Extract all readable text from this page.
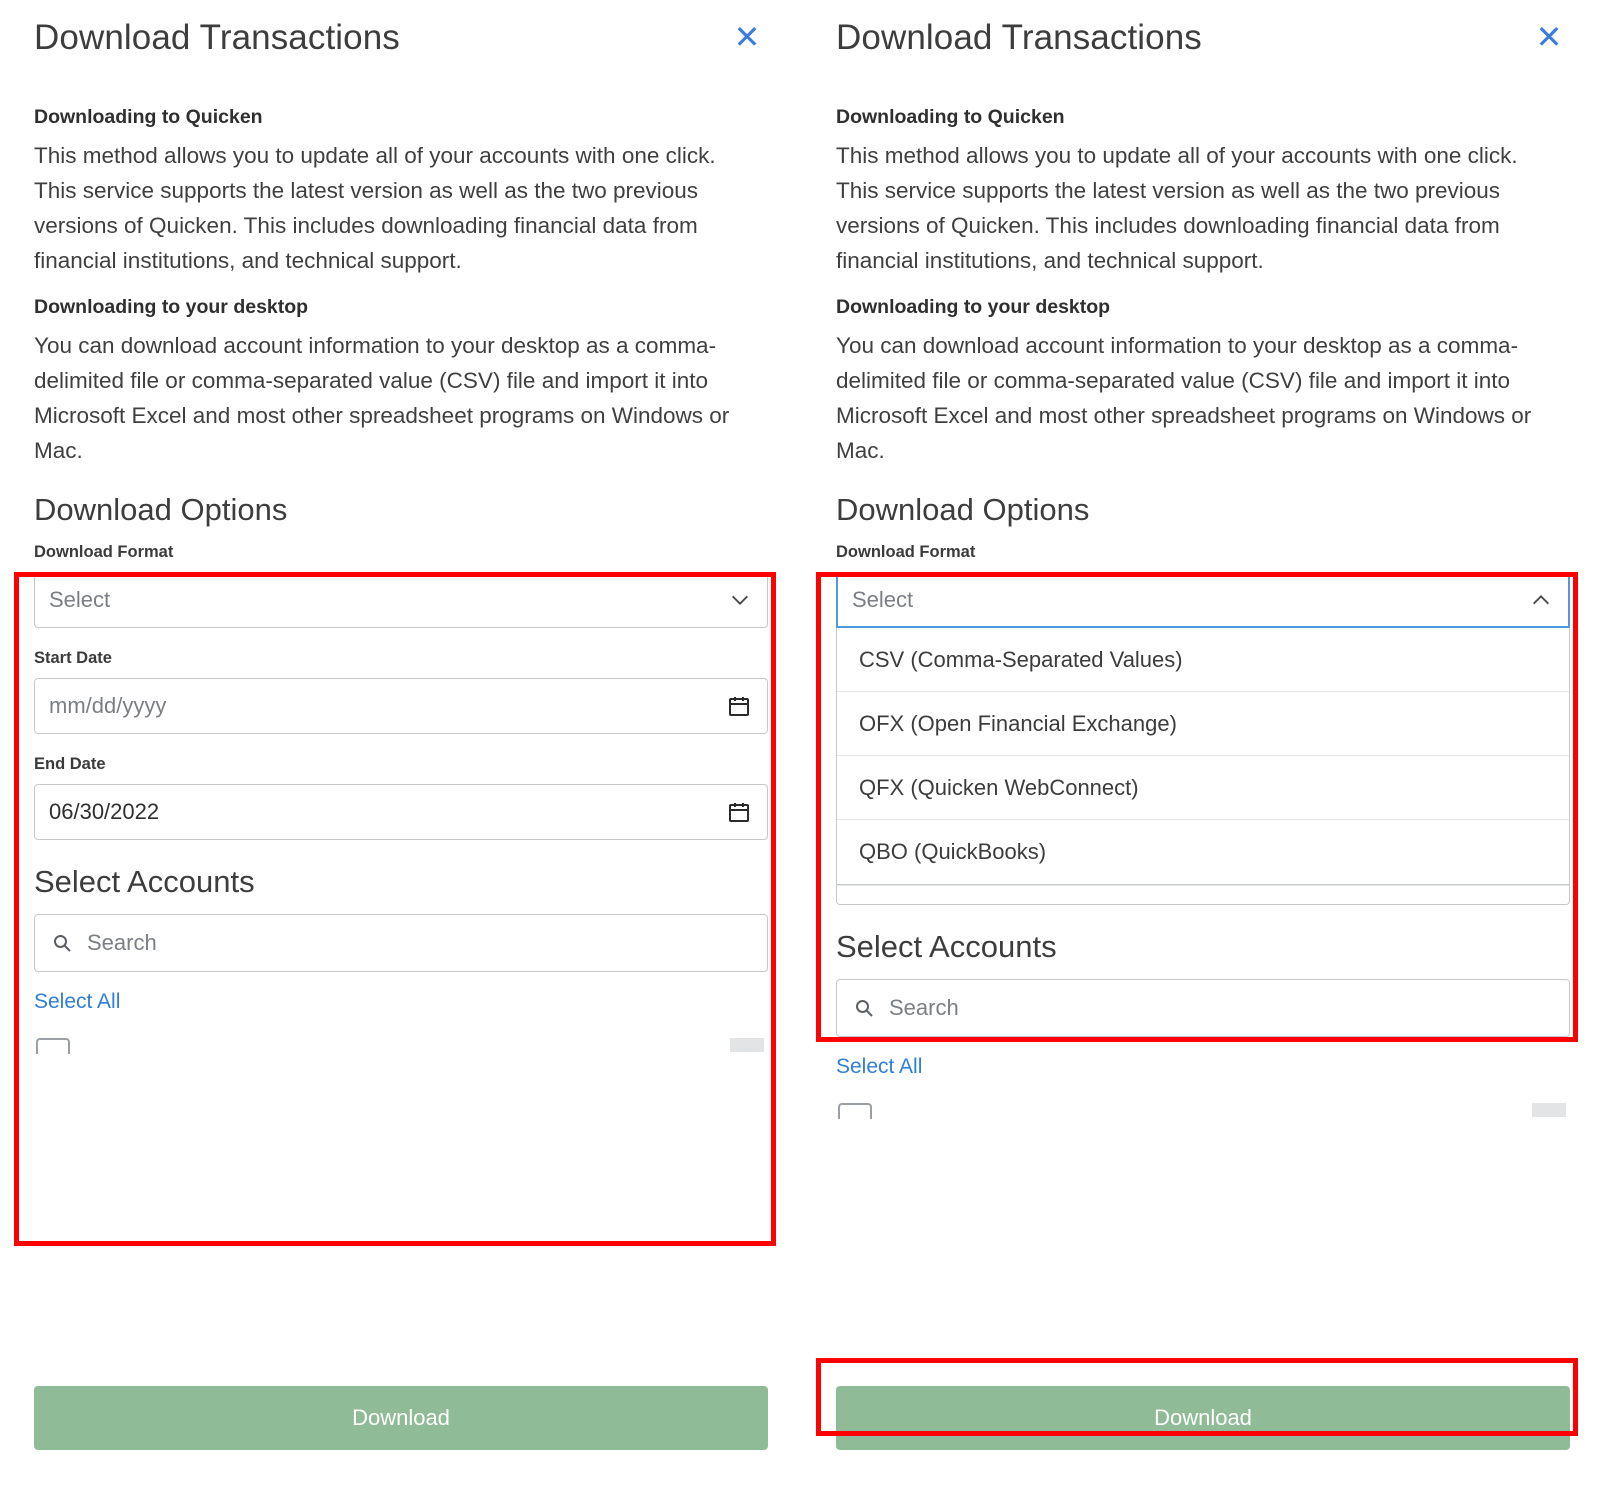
Download Transactions	✕
Downloading to Quicken
This method allows you to update all of your accounts with one click. This service supports the latest version as well as the two previous versions of Quicken. This includes downloading financial data from financial institutions, and technical support.
Downloading to your desktop
You can download account information to your desktop as a comma-delimited file or comma-separated value (CSV) file and import it into Microsoft Excel and most other spreadsheet programs on Windows or Mac.
Download Options
Download Format
Select
Start Date
mm/dd/yyyy
End Date
06/30/2022
Select Accounts
Search
Select All
Download
Download Transactions	✕
Downloading to Quicken
This method allows you to update all of your accounts with one click. This service supports the latest version as well as the two previous versions of Quicken. This includes downloading financial data from financial institutions, and technical support.
Downloading to your desktop
You can download account information to your desktop as a comma-delimited file or comma-separated value (CSV) file and import it into Microsoft Excel and most other spreadsheet programs on Windows or Mac.
Download Options
Download Format
Select
CSV (Comma-Separated Values)
OFX (Open Financial Exchange)
QFX (Quicken WebConnect)
QBO (QuickBooks)
Select Accounts
Search
Select All
Download
